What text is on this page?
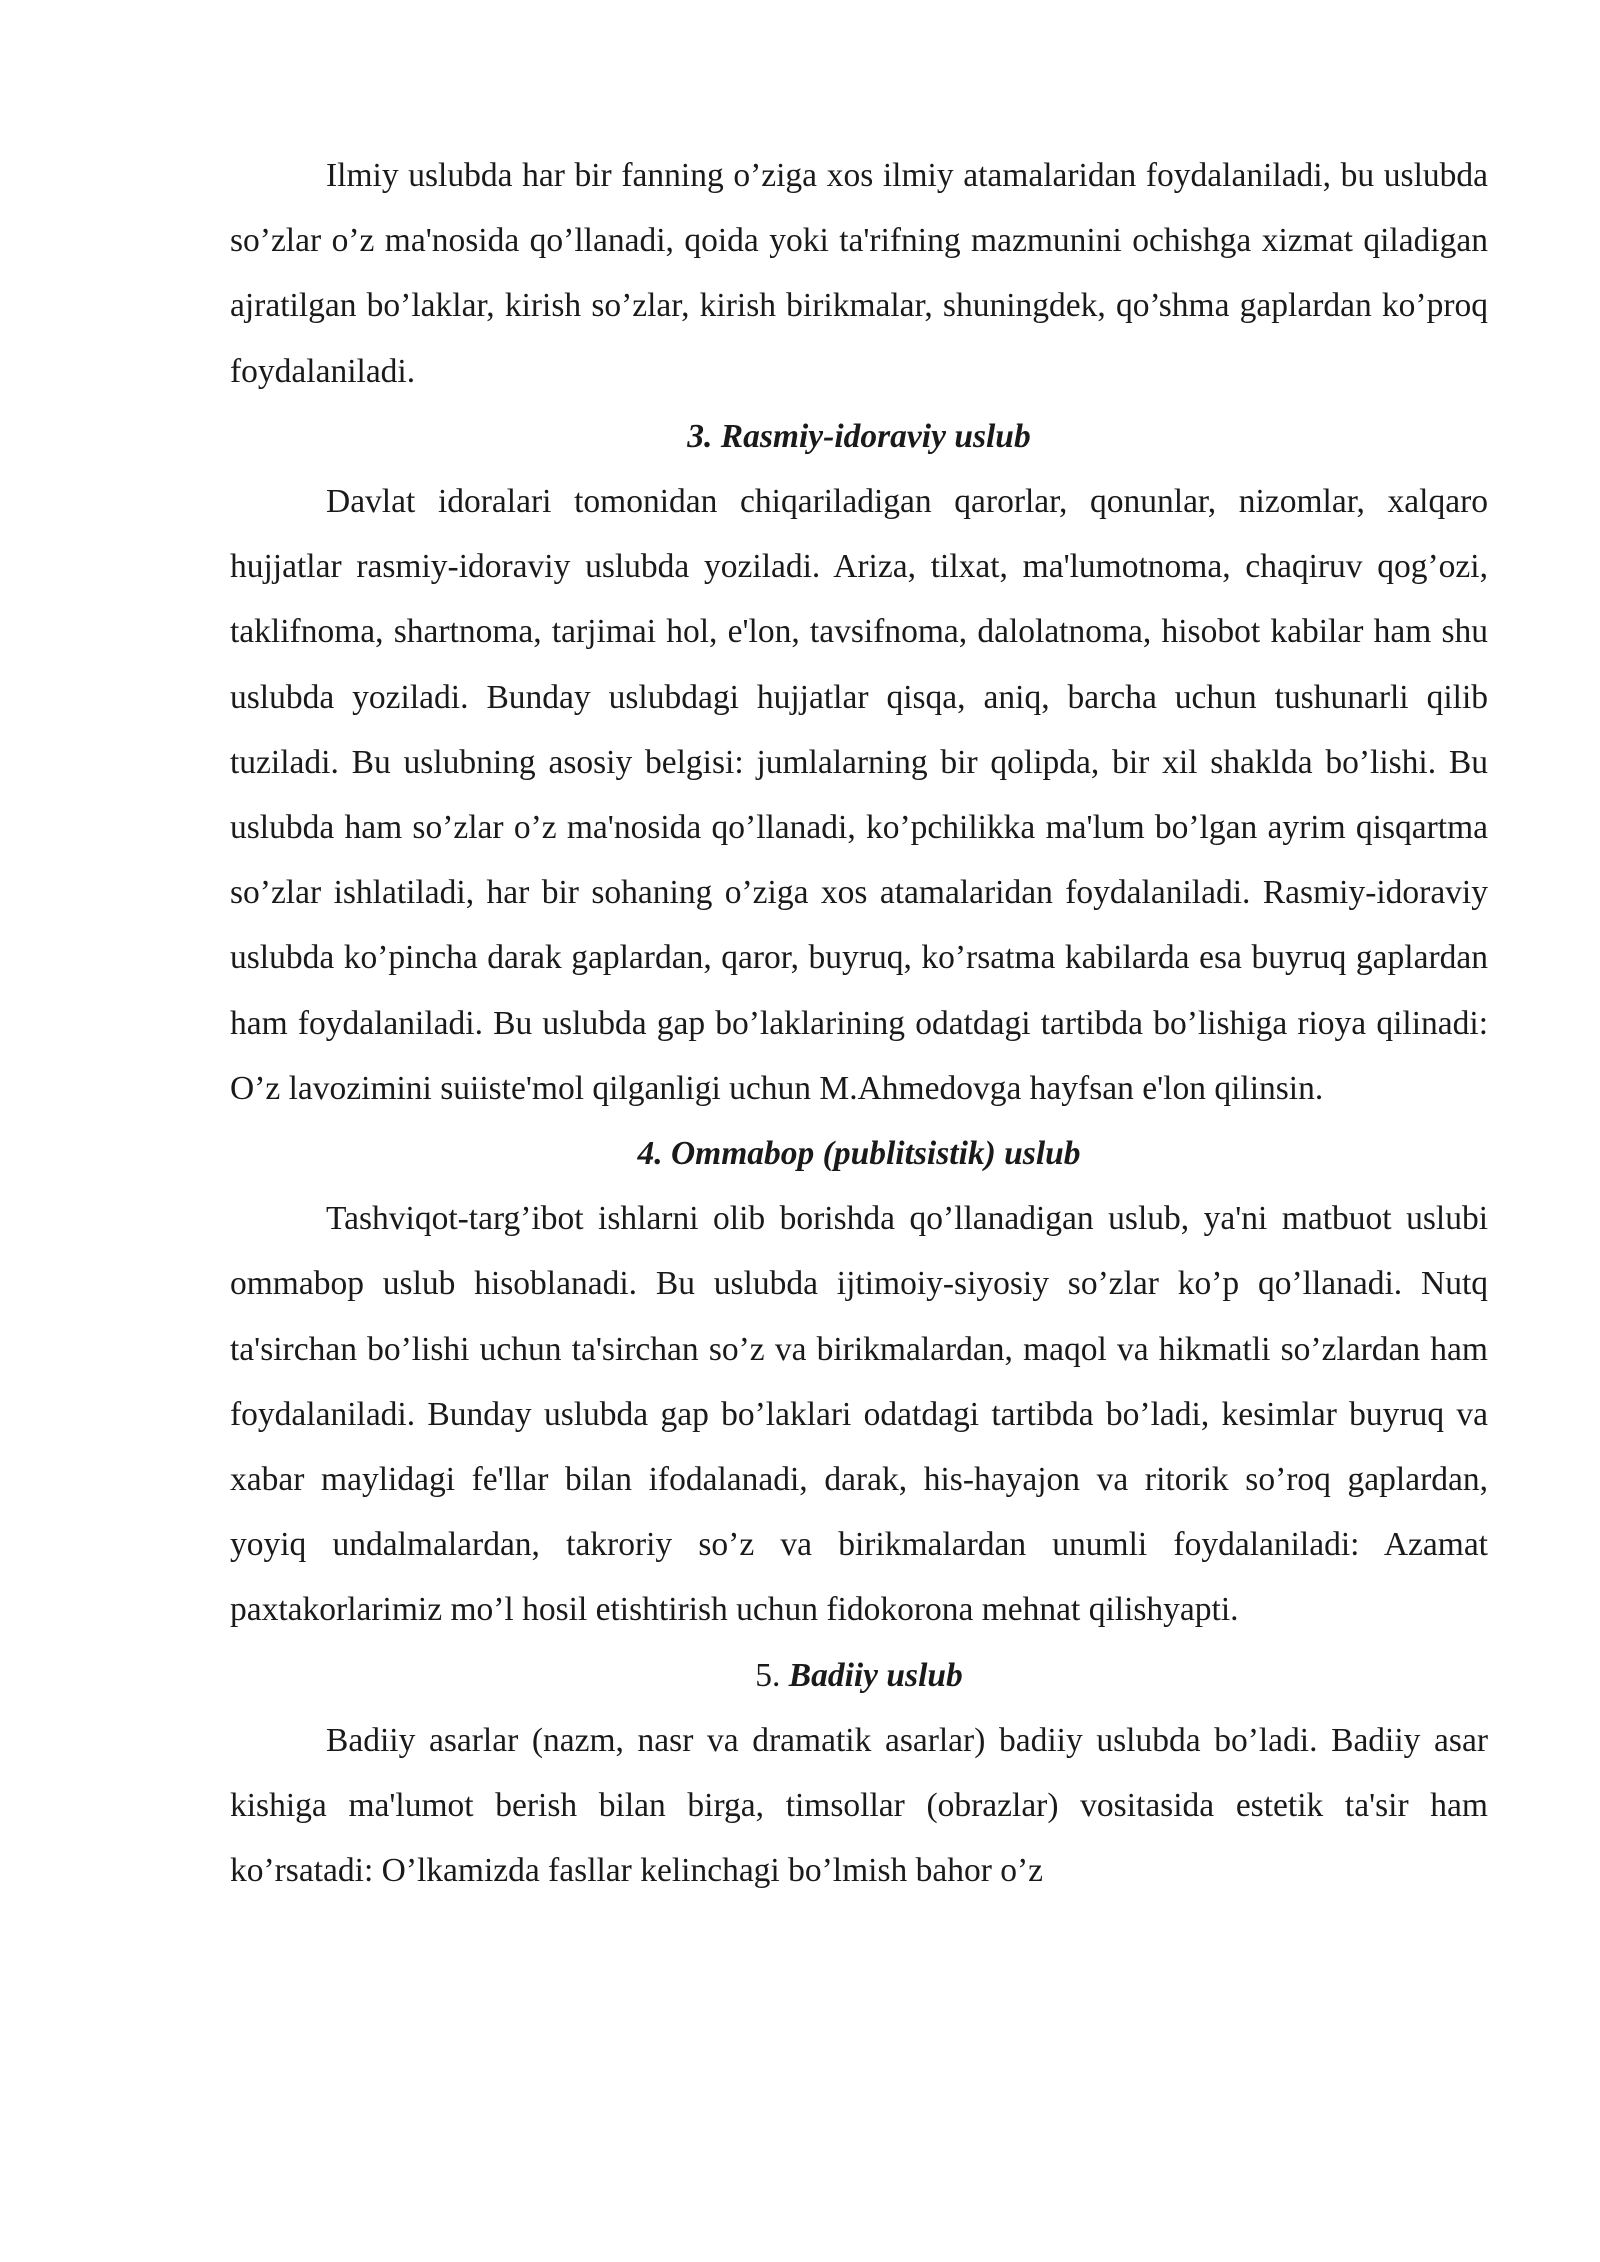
Ilmiy uslubda har bir fanning o’ziga xos ilmiy atamalaridan foydalaniladi, bu uslubda so’zlar o’z ma'nosida qo’llanadi, qoida yoki ta'rifning mazmunini ochishga xizmat qiladigan ajratilgan bo’laklar, kirish so’zlar, kirish birikmalar, shuningdek, qo’shma gaplardan ko’proq foydalaniladi.

3. Rasmiy-idoraviy uslub

Davlat idoralari tomonidan chiqariladigan qarorlar, qonunlar, nizomlar, xalqaro hujjatlar rasmiy-idoraviy uslubda yoziladi. Ariza, tilxat, ma'lumotnoma, chaqiruv qog’ozi, taklifnoma, shartnoma, tarjimai hol, e'lon, tavsifnoma, dalolatnoma, hisobot kabilar ham shu uslubda yoziladi. Bunday uslubdagi hujjatlar qisqa, aniq, barcha uchun tushunarli qilib tuziladi. Bu uslubning asosiy belgisi: jumlalarning bir qolipda, bir xil shaklda bo’lishi. Bu uslubda ham so’zlar o’z ma'nosida qo’llanadi, ko’pchilikka ma'lum bo’lgan ayrim qisqartma so’zlar ishlatiladi, har bir sohaning o’ziga xos atamalaridan foydalaniladi. Rasmiy-idoraviy uslubda ko’pincha darak gaplardan, qaror, buyruq, ko’rsatma kabilarda esa buyruq gaplardan ham foydalaniladi. Bu uslubda gap bo’laklarining odatdagi tartibda bo’lishiga rioya qilinadi: O’z lavozimini suiiste'mol qilganligi uchun M.Ahmedovga hayfsan e'lon qilinsin.

4. Ommabop (publitsistik) uslub

Tashviqot-targ’ibot ishlarni olib borishda qo’llanadigan uslub, ya'ni matbuot uslubi ommabop uslub hisoblanadi. Bu uslubda ijtimoiy-siyosiy so’zlar ko’p qo’llanadi. Nutq ta'sirchan bo’lishi uchun ta'sirchan so’z va birikmalardan, maqol va hikmatli so’zlardan ham foydalaniladi. Bunday uslubda gap bo’laklari odatdagi tartibda bo’ladi, kesimlar buyruq va xabar maylidagi fe'llar bilan ifodalanadi, darak, his-hayajon va ritorik so’roq gaplardan, yoyiq undalmalardan, takroriy so’z va birikmalardan unumli foydalaniladi: Azamat paxtakorlarimiz mo’l hosil etishtirish uchun fidokorona mehnat qilishyapti.

5. Badiiy uslub

Badiiy asarlar (nazm, nasr va dramatik asarlar) badiiy uslubda bo’ladi. Badiiy asar kishiga ma'lumot berish bilan birga, timsollar (obrazlar) vositasida estetik ta'sir ham ko’rsatadi: O’lkamizda fasllar kelinchagi bo’lmish bahor o’z
